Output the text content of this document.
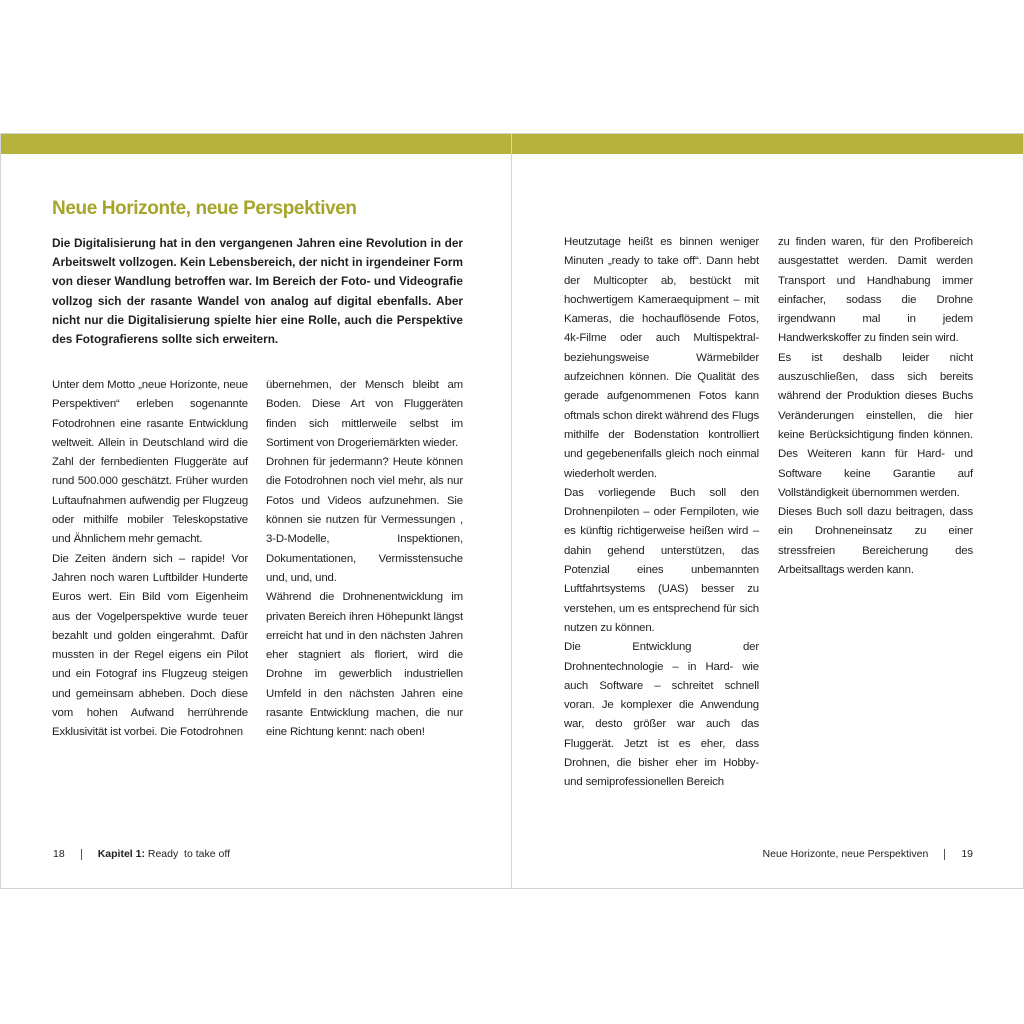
Neue Horizonte, neue Perspektiven

Die Digitalisierung hat in den vergangenen Jahren eine Revolution in der Arbeitswelt vollzogen. Kein Lebensbereich, der nicht in irgendeiner Form von dieser Wandlung betroffen war. Im Bereich der Foto- und Videografie vollzog sich der rasante Wandel von analog auf digital ebenfalls. Aber nicht nur die Digitalisierung spielte hier eine Rolle, auch die Perspektive des Fotografierens sollte sich erweitern.

Unter dem Motto „neue Horizonte, neue Perspektiven“ erleben sogenannte Fotodrohnen eine rasante Entwicklung weltweit. Allein in Deutschland wird die Zahl der fernbedienten Fluggeräte auf rund 500.000 geschätzt. Früher wurden Luftaufnahmen aufwendig per Flugzeug oder mithilfe mobiler Teleskopstative und Ähnlichem mehr gemacht.

Die Zeiten ändern sich – rapide! Vor Jahren noch waren Luftbilder Hunderte Euros wert. Ein Bild vom Eigenheim aus der Vogelperspektive wurde teuer bezahlt und golden eingerahmt. Dafür mussten in der Regel eigens ein Pilot und ein Fotograf ins Flugzeug steigen und gemeinsam abheben. Doch diese vom hohen Aufwand herrührende Exklusivität ist vorbei. Die Fotodrohnen

übernehmen, der Mensch bleibt am Boden. Diese Art von Fluggeräten finden sich mittlerweile selbst im Sortiment von Drogeriemärkten wieder.

Drohnen für jedermann? Heute können die Fotodrohnen noch viel mehr, als nur Fotos und Videos aufzunehmen. Sie können sie nutzen für Vermessungen , 3-D-Modelle, Inspektionen, Dokumentationen, Vermisstensuche und, und, und.

Während die Drohnenentwicklung im privaten Bereich ihren Höhepunkt längst erreicht hat und in den nächsten Jahren eher stagniert als floriert, wird die Drohne im gewerblich industriellen Umfeld in den nächsten Jahren eine rasante Entwicklung machen, die nur eine Richtung kennt: nach oben!

18	Kapitel 1: Ready  to take off

Heutzutage heißt es binnen weniger Minuten „ready to take off“. Dann hebt der Multicopter ab, bestückt mit hochwertigem Kameraequipment – mit Kameras, die hochauflösende Fotos, 4k-Filme oder auch Multispektral- beziehungsweise Wärmebilder aufzeichnen können. Die Qualität des gerade aufgenommenen Fotos kann oftmals schon direkt während des Flugs mithilfe der Bodenstation kontrolliert und gegebenenfalls gleich noch einmal wiederholt werden.

Das vorliegende Buch soll den Drohnenpiloten – oder Fernpiloten, wie es künftig richtigerweise heißen wird – dahin gehend unterstützen, das Potenzial eines unbemannten Luftfahrtsystems (UAS) besser zu verstehen, um es entsprechend für sich nutzen zu können.

Die Entwicklung der Drohnentechnologie – in Hard- wie auch Software – schreitet schnell voran. Je komplexer die Anwendung war, desto größer war auch das Fluggerät. Jetzt ist es eher, dass Drohnen, die bisher eher im Hobby- und semiprofessionellen Bereich

zu finden waren, für den Profibereich ausgestattet werden. Damit werden Transport und Handhabung immer einfacher, sodass die Drohne irgendwann mal in jedem Handwerkskoffer zu finden sein wird.

Es ist deshalb leider nicht auszuschließen, dass sich bereits während der Produktion dieses Buchs Veränderungen einstellen, die hier keine Berücksichtigung finden können. Des Weiteren kann für Hard- und Software keine Garantie auf Vollständigkeit übernommen werden.

Dieses Buch soll dazu beitragen, dass ein Drohneneinsatz zu einer stressfreien Bereicherung des Arbeitsalltags werden kann.

Neue Horizonte, neue Perspektiven	19
